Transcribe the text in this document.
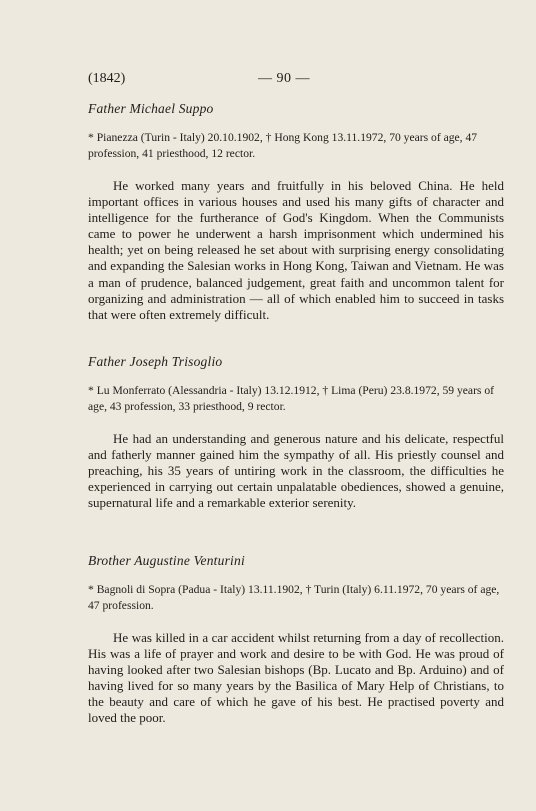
(1842)	— 90 —

Father Michael Suppo

* Pianezza (Turin - Italy) 20.10.1902, † Hong Kong 13.11.1972, 70 years of age, 47 profession, 41 priesthood, 12 rector.

He worked many years and fruitfully in his beloved China. He held important offices in various houses and used his many gifts of character and intelligence for the furtherance of God's Kingdom. When the Communists came to power he underwent a harsh imprisonment which undermined his health; yet on being released he set about with surprising energy consolidating and expanding the Salesian works in Hong Kong, Taiwan and Vietnam. He was a man of prudence, balanced judgement, great faith and uncommon talent for organizing and administration — all of which enabled him to succeed in tasks that were often extremely difficult.

Father Joseph Trisoglio

* Lu Monferrato (Alessandria - Italy) 13.12.1912, † Lima (Peru) 23.8.1972, 59 years of age, 43 profession, 33 priesthood, 9 rector.

He had an understanding and generous nature and his delicate, respectful and fatherly manner gained him the sympathy of all. His priestly counsel and preaching, his 35 years of untiring work in the classroom, the difficulties he experienced in carrying out certain unpalatable obediences, showed a genuine, supernatural life and a remarkable exterior serenity.

Brother Augustine Venturini

* Bagnoli di Sopra (Padua - Italy) 13.11.1902, † Turin (Italy) 6.11.1972, 70 years of age, 47 profession.

He was killed in a car accident whilst returning from a day of recollection. His was a life of prayer and work and desire to be with God. He was proud of having looked after two Salesian bishops (Bp. Lucato and Bp. Arduino) and of having lived for so many years by the Basilica of Mary Help of Christians, to the beauty and care of which he gave of his best. He practised poverty and loved the poor.
